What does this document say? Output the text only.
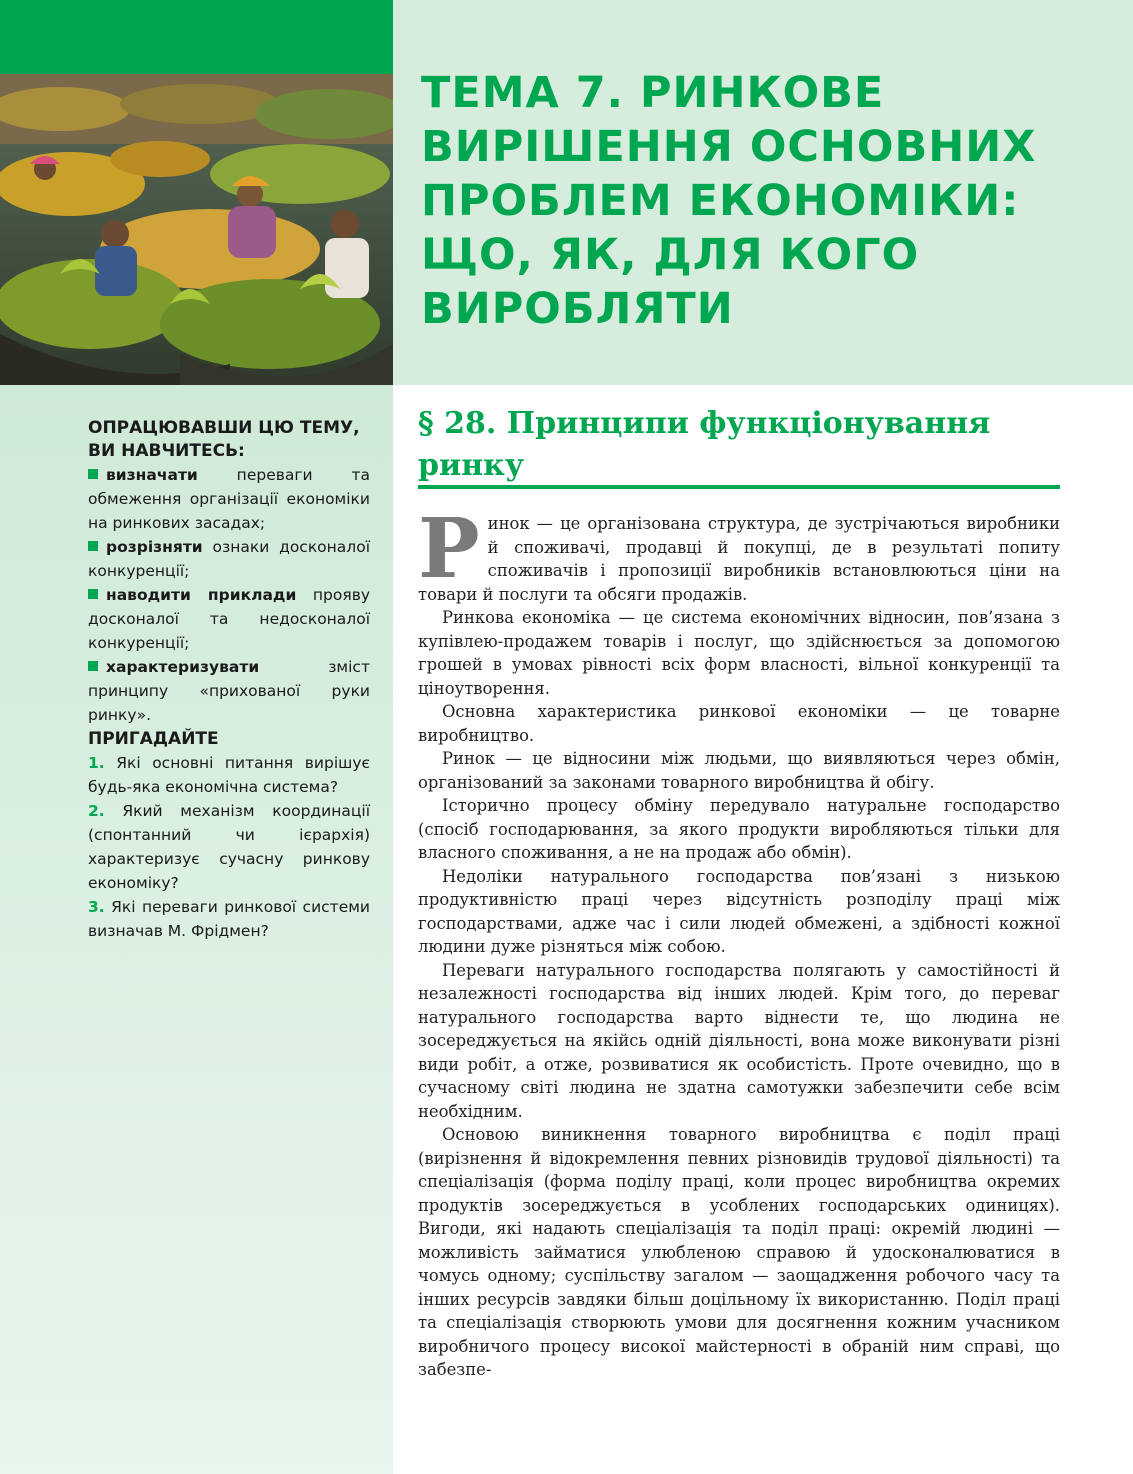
ТЕМА 7. РИНКОВЕ ВИРІШЕННЯ ОСНОВНИХ ПРОБЛЕМ ЕКОНОМІКИ: ЩО, ЯК, ДЛЯ КОГО ВИРОБЛЯТИ
ОПРАЦЮВАВШИ ЦЮ ТЕМУ, ВИ НАВЧИТЕСЬ:
визначати переваги та обмеження організації економіки на ринкових засадах;
розрізняти ознаки досконалої конкуренції;
наводити приклади прояву досконалої та недосконалої конкуренції;
характеризувати зміст принципу «прихованої руки ринку».
ПРИГАДАЙТЕ
1. Які основні питання вирішує будь-яка економічна система?
2. Який механізм координації (спонтанний чи ієрархія) характеризує сучасну ринкову економіку?
3. Які переваги ринкової системи визначав М. Фрідмен?
§ 28. Принципи функціонування ринку

Ринок — це організована структура, де зустрічаються виробники й споживачі, продавці й покупці, де в результаті попиту споживачів і пропозиції виробників встановлюються ціни на товари й послуги та обсяги продажів.

Ринкова економіка — це система економічних відносин, пов’язана з купівлею-продажем товарів і послуг, що здійснюється за допомогою грошей в умовах рівності всіх форм власності, вільної конкуренції та ціноутворення.

Основна характеристика ринкової економіки — це товарне виробництво.

Ринок — це відносини між людьми, що виявляються через обмін, організований за законами товарного виробництва й обігу.

Історично процесу обміну передувало натуральне господарство (спосіб господарювання, за якого продукти виробляються тільки для власного споживання, а не на продаж або обмін).

Недоліки натурального господарства пов’язані з низькою продуктивністю праці через відсутність розподілу праці між господарствами, адже час і сили людей обмежені, а здібності кожної людини дуже різняться між собою.

Переваги натурального господарства полягають у самостійності й незалежності господарства від інших людей. Крім того, до переваг натурального господарства варто віднести те, що людина не зосереджується на якійсь одній діяльності, вона може виконувати різні види робіт, а отже, розвиватися як особистість. Проте очевидно, що в сучасному світі людина не здатна самотужки забезпечити себе всім необхідним.

Основою виникнення товарного виробництва є поділ праці (вирізнення й відокремлення певних різновидів трудової діяльності) та спеціалізація (форма поділу праці, коли процес виробництва окремих продуктів зосереджується в усоблених господарських одиницях). Вигоди, які надають спеціалізація та поділ праці: окремій людині — можливість займатися улюбленою справою й удосконалюватися в чомусь одному; суспільству загалом — заощадження робочого часу та інших ресурсів завдяки більш доцільному їх використанню. Поділ праці та спеціалізація створюють умови для досягнення кожним учасником виробничого процесу високої майстерності в обраній ним справі, що забезпе-
